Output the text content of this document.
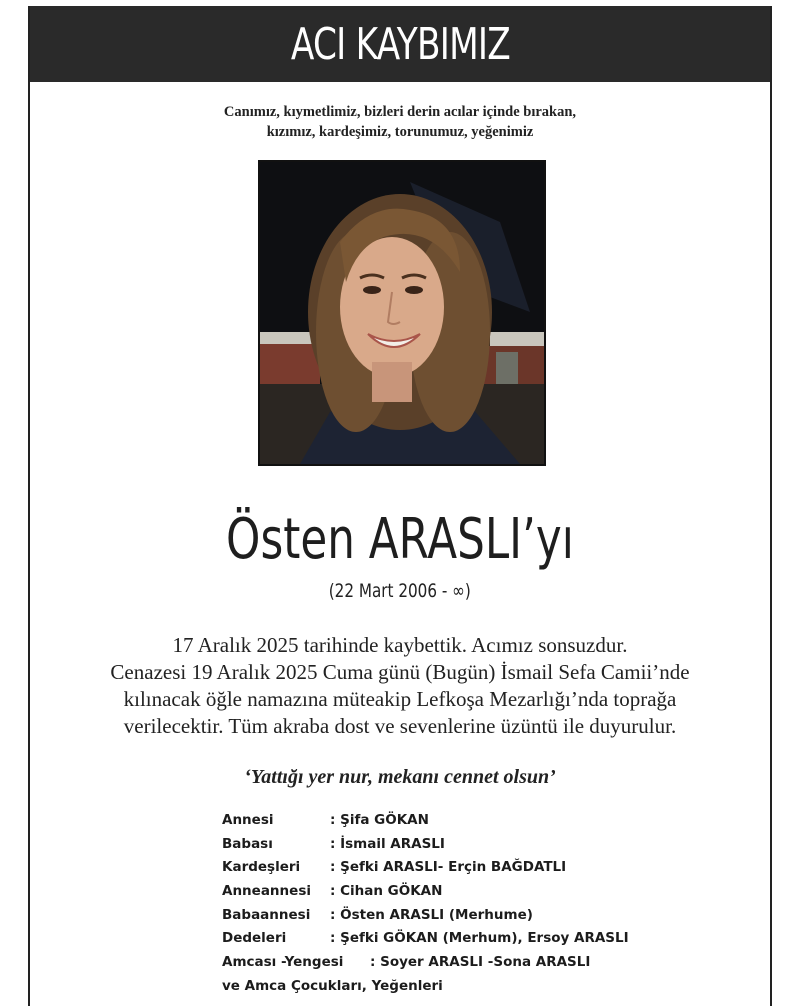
ACI KAYBIMIZ
Canımız, kıymetlimiz, bizleri derin acılar içinde bırakan,
kızımız, kardeşimiz, torunumuz, yeğenimiz
Östen ARASLI’yı
(22 Mart 2006 - ∞)
17 Aralık 2025 tarihinde kaybettik. Acımız sonsuzdur.
Cenazesi 19 Aralık 2025 Cuma günü (Bugün) İsmail Sefa Camii’nde
kılınacak öğle namazına müteakip Lefkoşa Mezarlığı’nda toprağa
verilecektir. Tüm akraba dost ve sevenlerine üzüntü ile duyurulur.
‘Yattığı yer nur, mekanı cennet olsun’
Annesi	: Şifa GÖKAN
Babası	: İsmail ARASLI
Kardeşleri	: Şefki ARASLI- Erçin BAĞDATLI
Anneannesi	: Cihan GÖKAN
Babaannesi	: Östen ARASLI (Merhume)
Dedeleri	: Şefki GÖKAN (Merhum), Ersoy ARASLI
Amcası -Yengesi	: Soyer ARASLI -Sona ARASLI
ve Amca Çocukları, Yeğenleri
